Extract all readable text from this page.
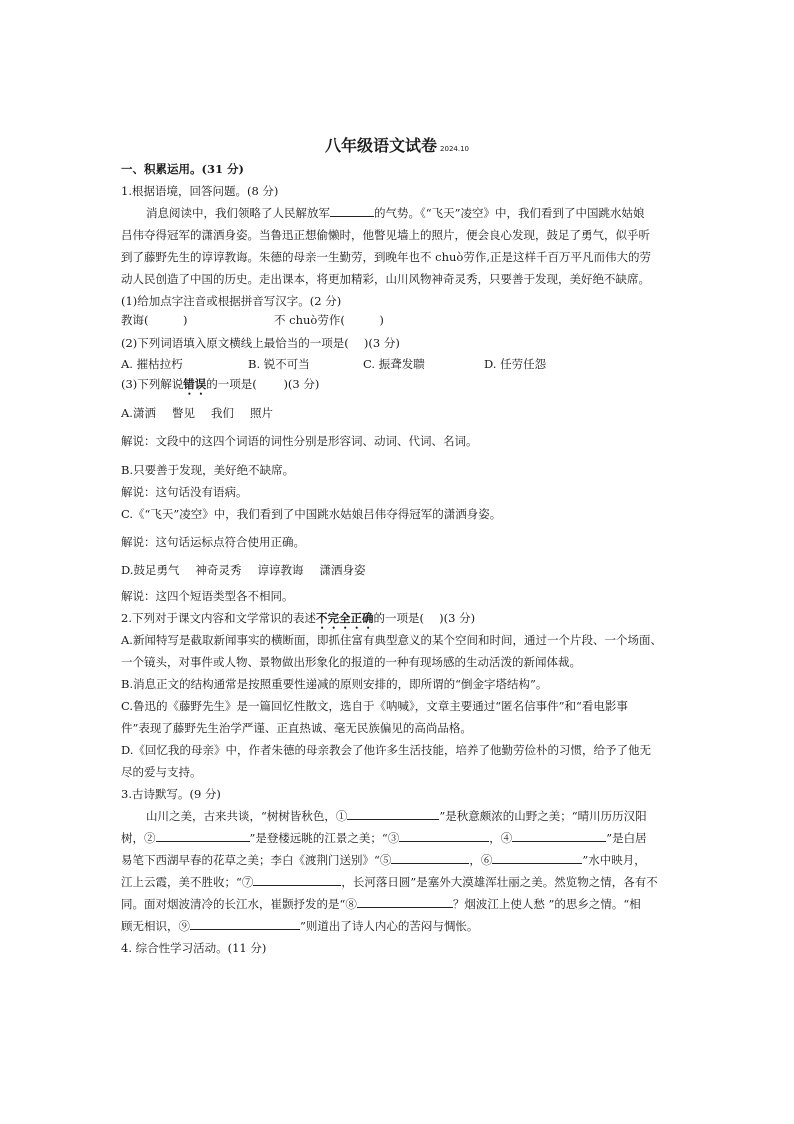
八年级语文试卷 2024.10
一、积累运用。(31 分)
1.根据语境，回答问题。(8 分)
消息阅读中，我们领略了人民解放军	的气势。《“飞天”凌空》中，我们看到了中国跳水姑娘
吕伟夺得冠军的潇洒身姿。当鲁迅正想偷懒时，他瞥见墙上的照片，便会良心发现，鼓足了勇气，似乎听
到了藤野先生的谆谆教诲。朱德的母亲一生勤劳，到晚年也不 chuò劳作,正是这样千百万平凡而伟大的劳
动人民创造了中国的历史。走出课本，将更加精彩，山川风物神奇灵秀，只要善于发现，美好绝不缺席。
(1)给加点字注音或根据拼音写汉字。(2 分)
教诲(　　　)	不 chuò劳作(　　　)
(2)下列词语填入原文横线上最恰当的一项是(　 )(3 分)
A. 摧枯拉朽	B. 锐不可当	C. 振聋发聩	D. 任劳任怨
(3)下列解说错误的一项是(　　 )(3 分)
A.潇洒 瞥见 我们 照片
解说：文段中的这四个词语的词性分别是形容词、动词、代词、名词。
B.只要善于发现，美好绝不缺席。
解说：这句话没有语病。
C.《“飞天”凌空》中，我们看到了中国跳水姑娘吕伟夺得冠军的潇洒身姿。
解说：这句话运标点符合使用正确。
D.鼓足勇气 神奇灵秀 谆谆教诲 潇洒身姿
解说：这四个短语类型各不相同。
2.下列对于课文内容和文学常识的表述不完全正确的一项是(　 )(3 分)
A.新闻特写是截取新闻事实的横断面，即抓住富有典型意义的某个空间和时间，通过一个片段、一个场面、
一个镜头，对事件或人物、景物做出形象化的报道的一种有现场感的生动活泼的新闻体裁。
B.消息正文的结构通常是按照重要性递减的原则安排的，即所谓的“倒金字塔结构”。
C.鲁迅的《藤野先生》是一篇回忆性散文，选自于《呐喊》，文章主要通过“匿名信事件”和“看电影事
件”表现了藤野先生治学严谨、正直热诚、毫无民族偏见的高尚品格。
D.《回忆我的母亲》中，作者朱德的母亲教会了他许多生活技能，培养了他勤劳俭朴的习惯，给予了他无
尽的爱与支持。
3.古诗默写。(9 分)
山川之美，古来共谈，“树树皆秋色，①	”是秋意颇浓的山野之美；“晴川历历汉阳
树，②	”是登楼远眺的江景之美；“③	，④	”是白居
易笔下西湖早春的花草之美；李白《渡荆门送别》“⑤	，⑥	”水中映月，
江上云霞，美不胜收；“⑦	，长河落日圆”是塞外大漠雄浑壮丽之美。然览物之情，各有不
同。面对烟波清冷的长江水，崔颢抒发的是“⑧	？烟波江上使人愁 ”的思乡之情。“相
顾无相识，⑨	”则道出了诗人内心的苦闷与惆怅。
4. 综合性学习活动。(11 分)
